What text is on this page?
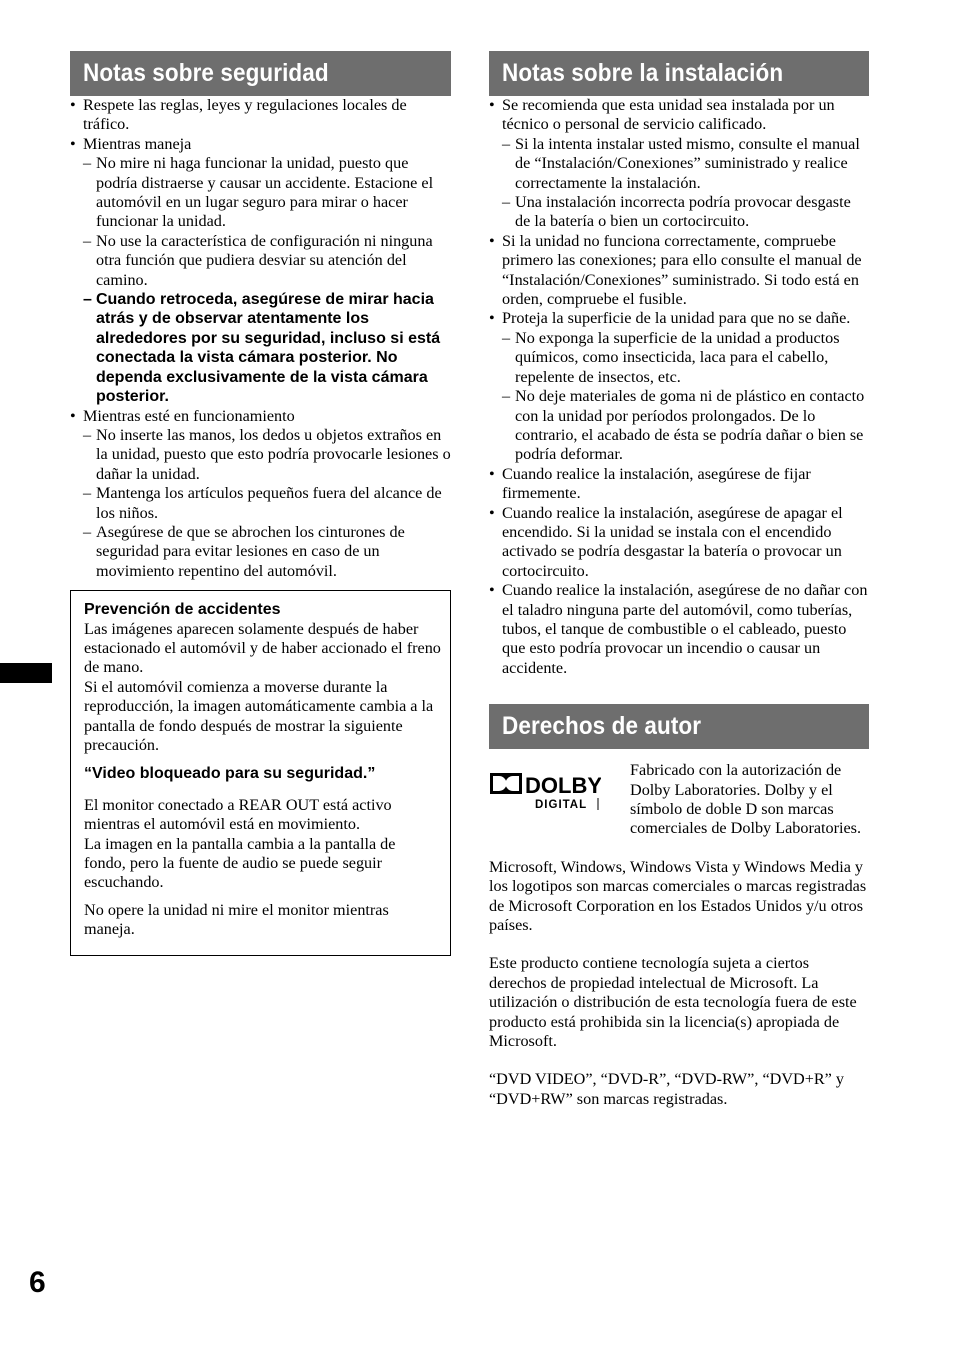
Notas sobre seguridad
• Respete las reglas, leyes y regulaciones locales de tráfico.
• Mientras maneja
– No mire ni haga funcionar la unidad, puesto que podría distraerse y causar un accidente. Estacione el automóvil en un lugar seguro para mirar o hacer funcionar la unidad.
– No use la característica de configuración ni ninguna otra función que pudiera desviar su atención del camino.
– Cuando retroceda, asegúrese de mirar hacia atrás y de observar atentamente los alrededores por su seguridad, incluso si está conectada la vista cámara posterior. No dependa exclusivamente de la vista cámara posterior.
• Mientras esté en funcionamiento
– No inserte las manos, los dedos u objetos extraños en la unidad, puesto que esto podría provocarle lesiones o dañar la unidad.
– Mantenga los artículos pequeños fuera del alcance de los niños.
– Asegúrese de que se abrochen los cinturones de seguridad para evitar lesiones en caso de un movimiento repentino del automóvil.
Prevención de accidentes

Las imágenes aparecen solamente después de haber estacionado el automóvil y de haber accionado el freno de mano.

Si el automóvil comienza a moverse durante la reproducción, la imagen automáticamente cambia a la pantalla de fondo después de mostrar la siguiente precaución.

“Video bloqueado para su seguridad.”

El monitor conectado a REAR OUT está activo mientras el automóvil está en movimiento.

La imagen en la pantalla cambia a la pantalla de fondo, pero la fuente de audio se puede seguir escuchando.

No opere la unidad ni mire el monitor mientras maneja.

Notas sobre la instalación
• Se recomienda que esta unidad sea instalada por un técnico o personal de servicio calificado.
– Si la intenta instalar usted mismo, consulte el manual de “Instalación/Conexiones” suministrado y realice correctamente la instalación.
– Una instalación incorrecta podría provocar desgaste de la batería o bien un cortocircuito.
• Si la unidad no funciona correctamente, compruebe primero las conexiones; para ello consulte el manual de “Instalación/Conexiones” suministrado. Si todo está en orden, compruebe el fusible.
• Proteja la superficie de la unidad para que no se dañe.
– No exponga la superficie de la unidad a productos químicos, como insecticida, laca para el cabello, repelente de insectos, etc.
– No deje materiales de goma ni de plástico en contacto con la unidad por períodos prolongados. De lo contrario, el acabado de ésta se podría dañar o bien se podría deformar.
• Cuando realice la instalación, asegúrese de fijar firmemente.
• Cuando realice la instalación, asegúrese de apagar el encendido. Si la unidad se instala con el encendido activado se podría desgastar la batería o provocar un cortocircuito.
• Cuando realice la instalación, asegúrese de no dañar con el taladro ninguna parte del automóvil, como tuberías, tubos, el tanque de combustible o el cableado, puesto que esto podría provocar un incendio o causar un accidente.
Derechos de autor
DOLBY
DIGITAL
Fabricado con la autorización de Dolby Laboratories. Dolby y el símbolo de doble D son marcas comerciales de Dolby Laboratories.

Microsoft, Windows, Windows Vista y Windows Media y los logotipos son marcas comerciales o marcas registradas de Microsoft Corporation en los Estados Unidos y/u otros países.

Este producto contiene tecnología sujeta a ciertos derechos de propiedad intelectual de Microsoft. La utilización o distribución de esta tecnología fuera de este producto está prohibida sin la licencia(s) apropiada de Microsoft.

“DVD VIDEO”, “DVD-R”, “DVD-RW”, “DVD+R” y “DVD+RW” son marcas registradas.

6
